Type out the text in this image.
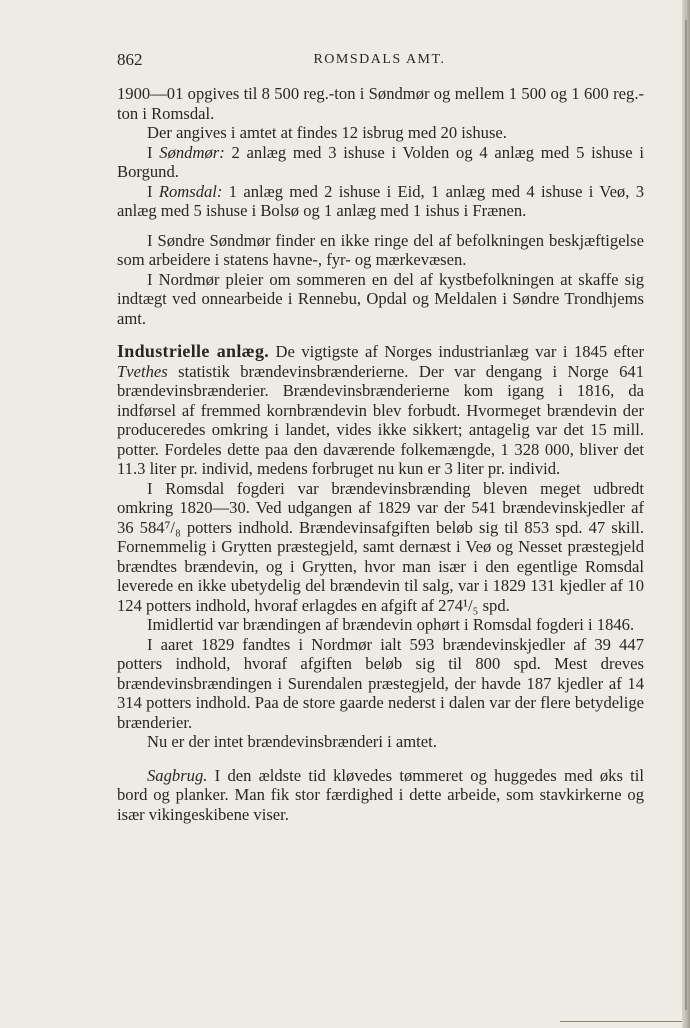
862	ROMSDALS AMT.

1900—01 opgives til 8 500 reg.-ton i Søndmør og mellem 1 500 og 1 600 reg.-ton i Romsdal.

Der angives i amtet at findes 12 isbrug med 20 ishuse.

I Søndmør: 2 anlæg med 3 ishuse i Volden og 4 anlæg med 5 ishuse i Borgund.

I Romsdal: 1 anlæg med 2 ishuse i Eid, 1 anlæg med 4 ishuse i Veø, 3 anlæg med 5 ishuse i Bolsø og 1 anlæg med 1 ishus i Frænen.

I Søndre Søndmør finder en ikke ringe del af befolkningen beskjæftigelse som arbeidere i statens havne-, fyr- og mærkevæsen.

I Nordmør pleier om sommeren en del af kystbefolkningen at skaffe sig indtægt ved onnearbeide i Rennebu, Opdal og Meldalen i Søndre Trondhjems amt.

Industrielle anlæg. De vigtigste af Norges industrianlæg var i 1845 efter Tvethes statistik brændevinsbrænderierne. Der var dengang i Norge 641 brændevinsbrænderier. Brændevinsbrænderierne kom igang i 1816, da indførsel af fremmed kornbrændevin blev forbudt. Hvormeget brændevin der produceredes omkring i landet, vides ikke sikkert; antagelig var det 15 mill. potter. Fordeles dette paa den daværende folkemængde, 1 328 000, bliver det 11.3 liter pr. individ, medens forbruget nu kun er 3 liter pr. individ.

I Romsdal fogderi var brændevinsbrænding bleven meget udbredt omkring 1820—30. Ved udgangen af 1829 var der 541 brændevinskjedler af 36 584⁷/₈ potters indhold. Brændevinsafgiften beløb sig til 853 spd. 47 skill. Fornemmelig i Grytten præstegjeld, samt dernæst i Veø og Nesset præstegjeld brændtes brændevin, og i Grytten, hvor man især i den egentlige Romsdal leverede en ikke ubetydelig del brændevin til salg, var i 1829 131 kjedler af 10 124 potters indhold, hvoraf erlagdes en afgift af 274¹/₅ spd.

Imidlertid var brændingen af brændevin ophørt i Romsdal fogderi i 1846.

I aaret 1829 fandtes i Nordmør ialt 593 brændevinskjedler af 39 447 potters indhold, hvoraf afgiften beløb sig til 800 spd. Mest dreves brændevinsbrændingen i Surendalen præstegjeld, der havde 187 kjedler af 14 314 potters indhold. Paa de store gaarde nederst i dalen var der flere betydelige brænderier.

Nu er der intet brændevinsbrænderi i amtet.

Sagbrug. I den ældste tid kløvedes tømmeret og huggedes med øks til bord og planker. Man fik stor færdighed i dette arbeide, som stavkirkerne og især vikingeskibene viser.
